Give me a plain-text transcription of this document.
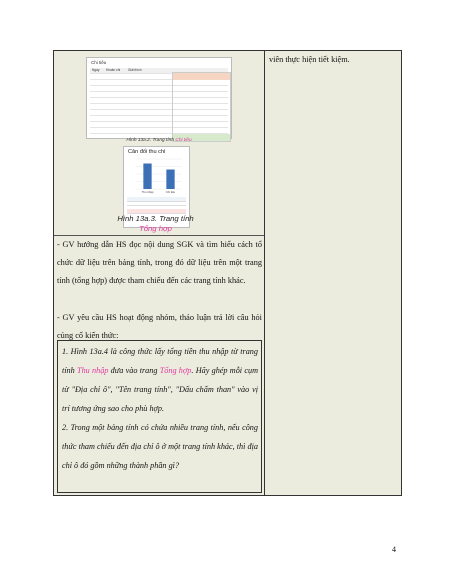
viên thực hiện tiết kiệm.
Chi tiêu
Ngày Khoản chi Giải thích
Hình 13a.2. Trang tính Chi tiêu
Cân đối thu chi
Thu nhập	Chi tiêu
Hình 13a.3. Trang tính
Tổng hợp
- GV hướng dẫn HS đọc nội dung SGK và tìm hiểu cách tổ chức dữ liệu trên bảng tính, trong đó dữ liệu trên một trang tính (tổng hợp) được tham chiếu đến các trang tính khác.
- GV yêu cầu HS hoạt động nhóm, thảo luận trả lời câu hỏi củng cố kiến thức:
1. Hình 13a.4 là công thức lấy tổng tiền thu nhập từ trang tính Thu nhập đưa vào trang Tổng hợp. Hãy ghép mỗi cụm từ "Địa chỉ ô", "Tên trang tính", "Dấu chấm than" vào vị trí tương ứng sao cho phù hợp.
2. Trong một bảng tính có chứa nhiều trang tính, nếu công thức tham chiếu đến địa chỉ ô ở một trang tính khác, thì địa chỉ ô đó gồm những thành phần gì?
4
